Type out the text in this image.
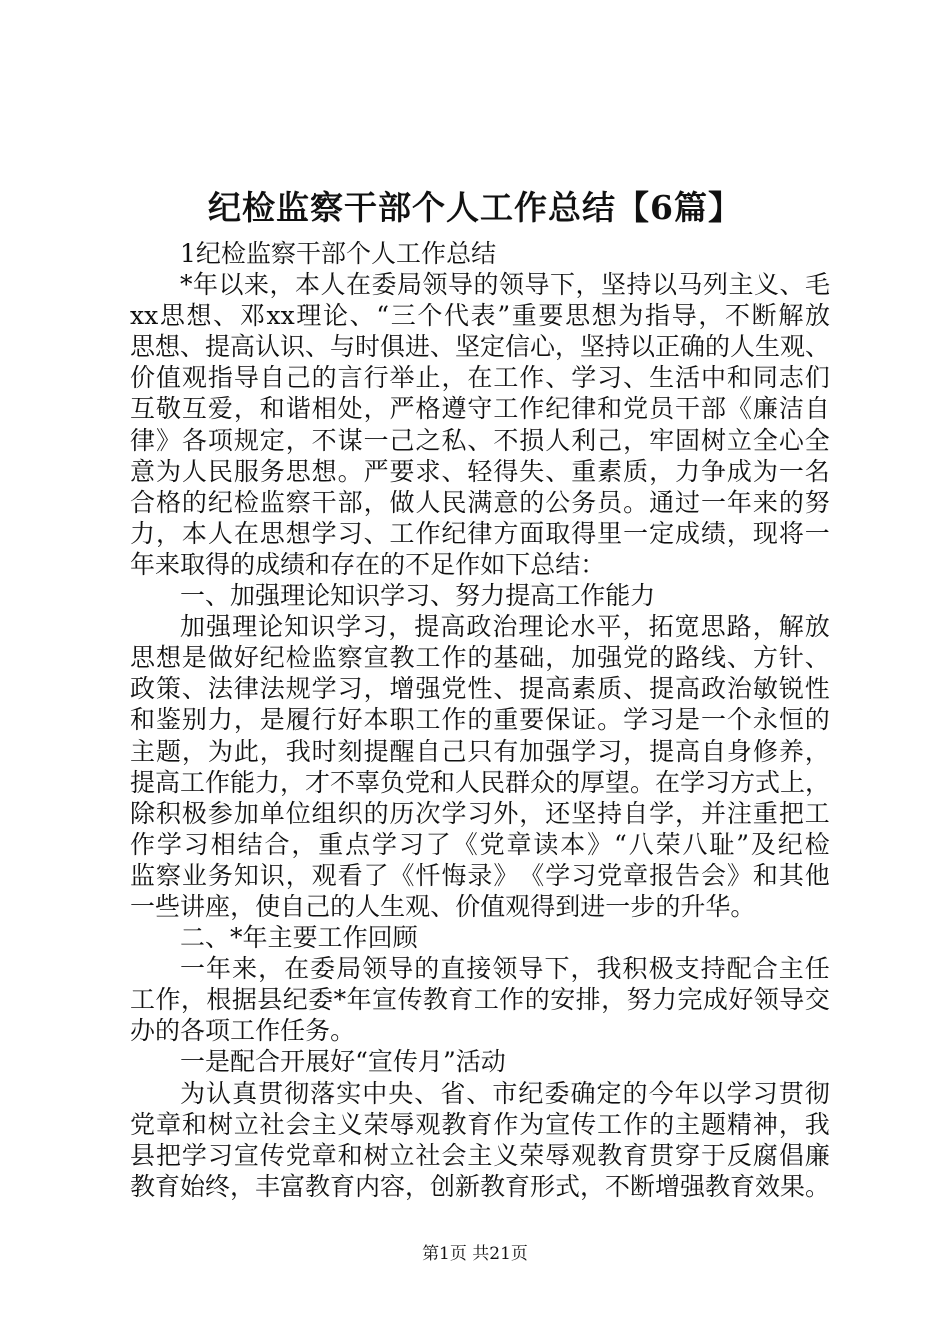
纪检监察干部个人工作总结【6篇】
1 纪 检 监 察 干 部 个 人 工 作 总 结
* 年 以 来 ， 本 人 在 委 局 领 导 的 领 导 下 ， 坚 持 以 马 列 主 义 、 毛
xx 思 想 、 邓 xx 理 论 、 “ 三 个 代 表 ” 重 要 思 想 为 指 导 ， 不 断 解 放
思 想 、 提 高 认 识 、 与 时 俱 进 、 坚 定 信 心 ， 坚 持 以 正 确 的 人 生 观 、
价 值 观 指 导 自 己 的 言 行 举 止 ， 在 工 作 、 学 习 、 生 活 中 和 同 志 们
互 敬 互 爱 ， 和 谐 相 处 ， 严 格 遵 守 工 作 纪 律 和 党 员 干 部 《 廉 洁 自
律 》 各 项 规 定 ， 不 谋 一 己 之 私 、 不 损 人 利 己 ， 牢 固 树 立 全 心 全
意 为 人 民 服 务 思 想 。 严 要 求 、 轻 得 失 、 重 素 质 ， 力 争 成 为 一 名
合 格 的 纪 检 监 察 干 部 ， 做 人 民 满 意 的 公 务 员 。 通 过 一 年 来 的 努
力 ， 本 人 在 思 想 学 习 、 工 作 纪 律 方 面 取 得 里 一 定 成 绩 ， 现 将 一
年 来 取 得 的 成 绩 和 存 在 的 不 足 作 如 下 总 结 ：
一 、 加 强 理 论 知 识 学 习 、 努 力 提 高 工 作 能 力
加 强 理 论 知 识 学 习 ， 提 高 政 治 理 论 水 平 ， 拓 宽 思 路 ， 解 放
思 想 是 做 好 纪 检 监 察 宣 教 工 作 的 基 础 ， 加 强 党 的 路 线 、 方 针 、
政 策 、 法 律 法 规 学 习 ， 增 强 党 性 、 提 高 素 质 、 提 高 政 治 敏 锐 性
和 鉴 别 力 ， 是 履 行 好 本 职 工 作 的 重 要 保 证 。 学 习 是 一 个 永 恒 的
主 题 ， 为 此 ， 我 时 刻 提 醒 自 己 只 有 加 强 学 习 ， 提 高 自 身 修 养 ，
提 高 工 作 能 力 ， 才 不 辜 负 党 和 人 民 群 众 的 厚 望 。 在 学 习 方 式 上 ，
除 积 极 参 加 单 位 组 织 的 历 次 学 习 外 ， 还 坚 持 自 学 ， 并 注 重 把 工
作 学 习 相 结 合 ， 重 点 学 习 了 《 党 章 读 本 》 “ 八 荣 八 耻 ” 及 纪 检
监 察 业 务 知 识 ， 观 看 了 《 忏 悔 录 》 《 学 习 党 章 报 告 会 》 和 其 他
一 些 讲 座 ， 使 自 己 的 人 生 观 、 价 值 观 得 到 进 一 步 的 升 华 。
二 、 * 年 主 要 工 作 回 顾
一 年 来 ， 在 委 局 领 导 的 直 接 领 导 下 ， 我 积 极 支 持 配 合 主 任
工 作 ， 根 据 县 纪 委 * 年 宣 传 教 育 工 作 的 安 排 ， 努 力 完 成 好 领 导 交
办 的 各 项 工 作 任 务 。
一 是 配 合 开 展 好 “ 宣 传 月 ” 活 动
为 认 真 贯 彻 落 实 中 央 、 省 、 市 纪 委 确 定 的 今 年 以 学 习 贯 彻
党 章 和 树 立 社 会 主 义 荣 辱 观 教 育 作 为 宣 传 工 作 的 主 题 精 神 ， 我
县 把 学 习 宣 传 党 章 和 树 立 社 会 主 义 荣 辱 观 教 育 贯 穿 于 反 腐 倡 廉
教 育 始 终 ， 丰 富 教 育 内 容 ， 创 新 教 育 形 式 ， 不 断 增 强 教 育 效 果 。
第1页 共21页
